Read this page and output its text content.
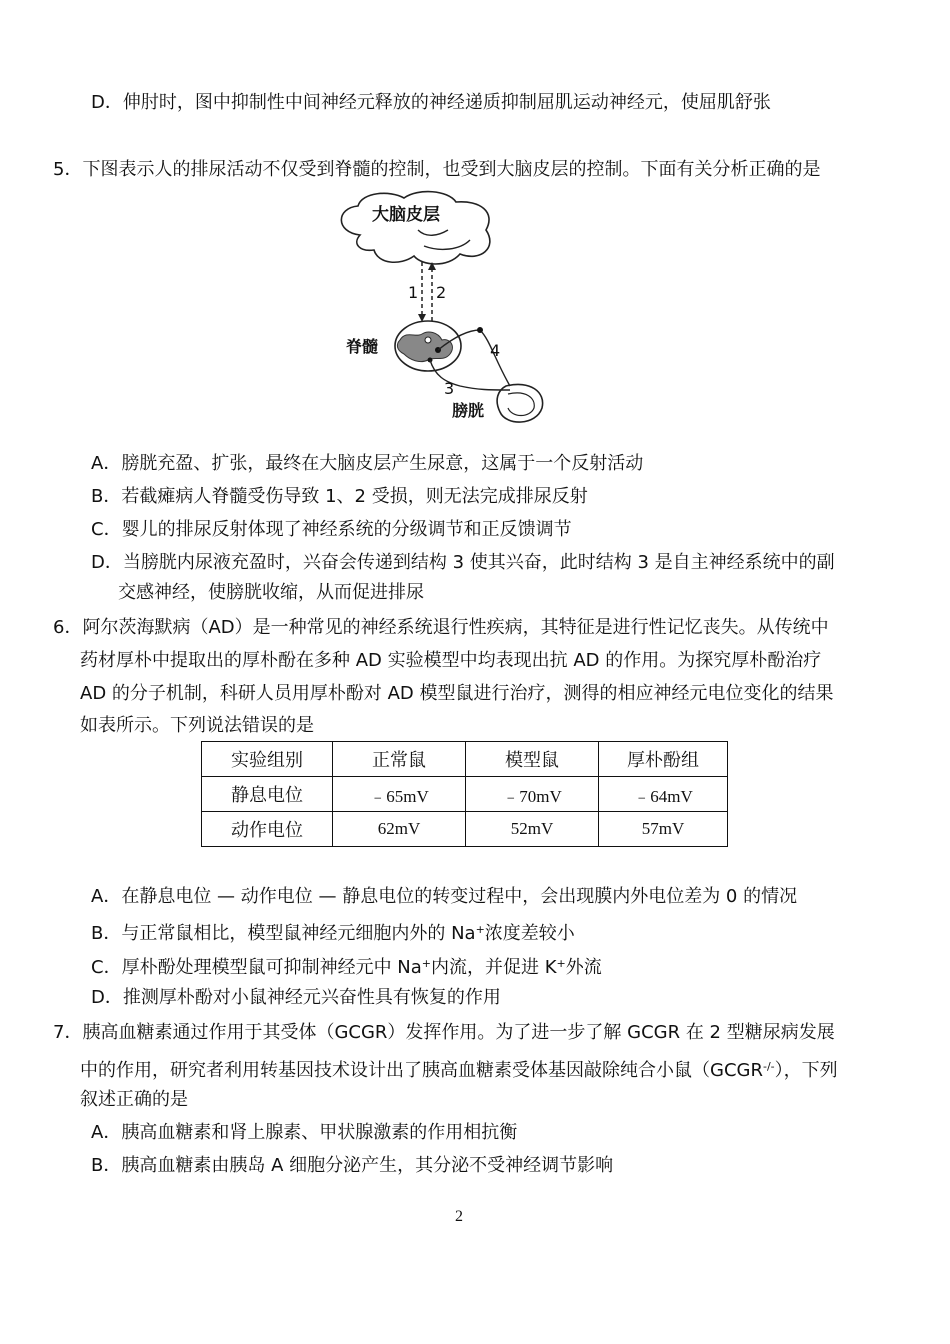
D．伸肘时，图中抑制性中间神经元释放的神经递质抑制屈肌运动神经元，使屈肌舒张
5．下图表示人的排尿活动不仅受到脊髓的控制，也受到大脑皮层的控制。下面有关分析正确的是
大脑皮层
1 2
脊髓	4
3
膀胱
A．膀胱充盈、扩张，最终在大脑皮层产生尿意，这属于一个反射活动
B．若截瘫病人脊髓受伤导致 1、2 受损，则无法完成排尿反射
C．婴儿的排尿反射体现了神经系统的分级调节和正反馈调节
D．当膀胱内尿液充盈时，兴奋会传递到结构 3 使其兴奋，此时结构 3 是自主神经系统中的副
交感神经，使膀胱收缩，从而促进排尿
6．阿尔茨海默病（AD）是一种常见的神经系统退行性疾病，其特征是进行性记忆丧失。从传统中
药材厚朴中提取出的厚朴酚在多种 AD 实验模型中均表现出抗 AD 的作用。为探究厚朴酚治疗
AD 的分子机制，科研人员用厚朴酚对 AD 模型鼠进行治疗，测得的相应神经元电位变化的结果
如表所示。下列说法错误的是
实验组别	正常鼠	模型鼠	厚朴酚组
静息电位	﹣65mV	﹣70mV	﹣64mV
动作电位	62mV	52mV	57mV
A．在静息电位 — 动作电位 — 静息电位的转变过程中，会出现膜内外电位差为 0 的情况
B．与正常鼠相比，模型鼠神经元细胞内外的 Na+浓度差较小
C．厚朴酚处理模型鼠可抑制神经元中 Na+内流，并促进 K+外流
D．推测厚朴酚对小鼠神经元兴奋性具有恢复的作用
7．胰高血糖素通过作用于其受体（GCGR）发挥作用。为了进一步了解 GCGR 在 2 型糖尿病发展
中的作用，研究者利用转基因技术设计出了胰高血糖素受体基因敲除纯合小鼠（GCGR-/-），下列
叙述正确的是
A．胰高血糖素和肾上腺素、甲状腺激素的作用相抗衡
B．胰高血糖素由胰岛 A 细胞分泌产生，其分泌不受神经调节影响
2
